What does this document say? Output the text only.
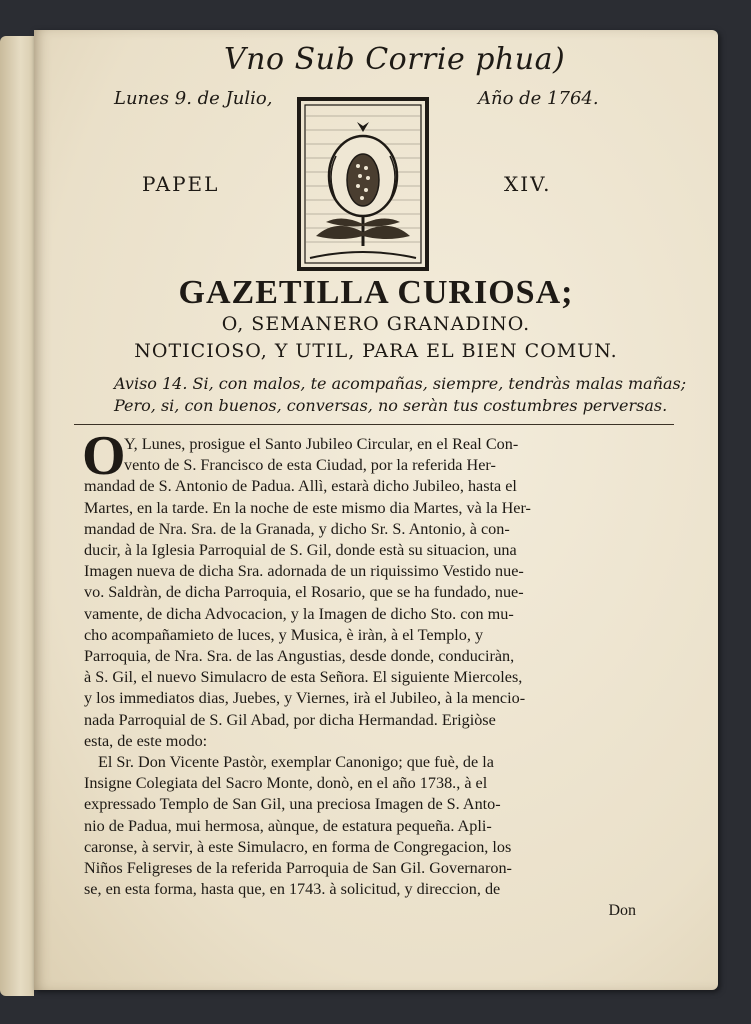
Vno Sub Corrie phua)
Lunes 9. de Julio,	Año de 1764.
PAPEL	XIV.
GAZETILLA CURIOSA;
O, SEMANERO GRANADINO.
NOTICIOSO, Y UTIL, PARA EL BIEN COMUN.
Aviso 14. Si, con malos, te acompañas, siempre, tendràs malas mañas;
Pero, si, con buenos, conversas, no seràn tus costumbres perversas.
O
Y, Lunes, prosigue el Santo Jubileo Circular, en el Real Con-
vento de S. Francisco de esta Ciudad, por la referida Her-
mandad de S. Antonio de Padua. Allì, estarà dicho Jubileo, hasta el
Martes, en la tarde. En la noche de este mismo dia Martes, và la Her-
mandad de Nra. Sra. de la Granada, y dicho Sr. S. Antonio, à con-
ducir, à la Iglesia Parroquial de S. Gil, donde està su situacion, una
Imagen nueva de dicha Sra. adornada de un riquissimo Vestido nue-
vo. Saldràn, de dicha Parroquia, el Rosario, que se ha fundado, nue-
vamente, de dicha Advocacion, y la Imagen de dicho Sto. con mu-
cho acompañamieto de luces, y Musica, è iràn, à el Templo, y
Parroquia, de Nra. Sra. de las Angustias, desde donde, conduciràn,
à S. Gil, el nuevo Simulacro de esta Señora. El siguiente Miercoles,
y los immediatos dias, Juebes, y Viernes, irà el Jubileo, à la mencio-
nada Parroquial de S. Gil Abad, por dicha Hermandad. Erigiòse
esta, de este modo:
El Sr. Don Vicente Pastòr, exemplar Canonigo; que fuè, de la
Insigne Colegiata del Sacro Monte, donò, en el año 1738., à el
expressado Templo de San Gil, una preciosa Imagen de S. Anto-
nio de Padua, mui hermosa, aùnque, de estatura pequeña. Apli-
caronse, à servir, à este Simulacro, en forma de Congregacion, los
Niños Feligreses de la referida Parroquia de San Gil. Governaron-
se, en esta forma, hasta que, en 1743. à solicitud, y direccion, de
Don
